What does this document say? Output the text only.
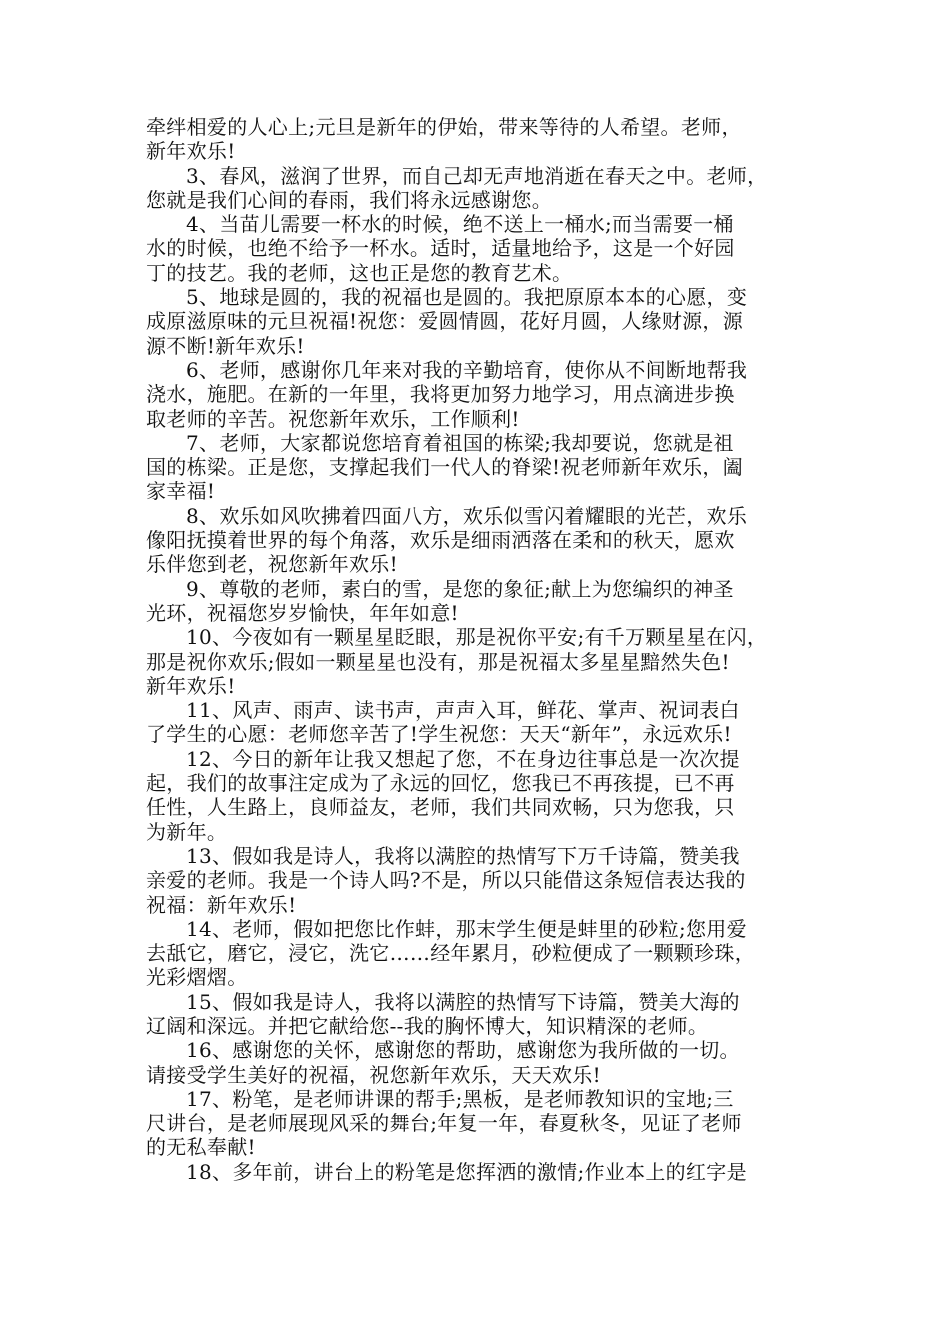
牵绊相爱的人心上;元旦是新年的伊始，带来等待的人希望。老师，
新年欢乐!
3、春风，滋润了世界，而自己却无声地消逝在春天之中。老师，
您就是我们心间的春雨，我们将永远感谢您。
4、当苗儿需要一杯水的时候，绝不送上一桶水;而当需要一桶
水的时候，也绝不给予一杯水。适时，适量地给予，这是一个好园
丁的技艺。我的老师，这也正是您的教育艺术。
5、地球是圆的，我的祝福也是圆的。我把原原本本的心愿，变
成原滋原味的元旦祝福!祝您：爱圆情圆，花好月圆，人缘财源，源
源不断!新年欢乐!
6、老师，感谢你几年来对我的辛勤培育，使你从不间断地帮我
浇水，施肥。在新的一年里，我将更加努力地学习，用点滴进步换
取老师的辛苦。祝您新年欢乐，工作顺利!
7、老师，大家都说您培育着祖国的栋梁;我却要说，您就是祖
国的栋梁。正是您，支撑起我们一代人的脊梁!祝老师新年欢乐，阖
家幸福!
8、欢乐如风吹拂着四面八方，欢乐似雪闪着耀眼的光芒，欢乐
像阳抚摸着世界的每个角落，欢乐是细雨洒落在柔和的秋天，愿欢
乐伴您到老，祝您新年欢乐!
9、尊敬的老师，素白的雪，是您的象征;献上为您编织的神圣
光环，祝福您岁岁愉快，年年如意!
10、今夜如有一颗星星眨眼，那是祝你平安;有千万颗星星在闪，
那是祝你欢乐;假如一颗星星也没有，那是祝福太多星星黯然失色!
新年欢乐!
11、风声、雨声、读书声，声声入耳，鲜花、掌声、祝词表白
了学生的心愿：老师您辛苦了!学生祝您：天天“新年”，永远欢乐!
12、今日的新年让我又想起了您，不在身边往事总是一次次提
起，我们的故事注定成为了永远的回忆，您我已不再孩提，已不再
任性，人生路上，良师益友，老师，我们共同欢畅，只为您我，只
为新年。
13、假如我是诗人，我将以满腔的热情写下万千诗篇，赞美我
亲爱的老师。我是一个诗人吗?不是，所以只能借这条短信表达我的
祝福：新年欢乐!
14、老师，假如把您比作蚌，那末学生便是蚌里的砂粒;您用爱
去舐它，磨它，浸它，洗它……经年累月，砂粒便成了一颗颗珍珠，
光彩熠熠。
15、假如我是诗人，我将以满腔的热情写下诗篇，赞美大海的
辽阔和深远。并把它献给您--我的胸怀博大，知识精深的老师。
16、感谢您的关怀，感谢您的帮助，感谢您为我所做的一切。
请接受学生美好的祝福，祝您新年欢乐，天天欢乐!
17、粉笔，是老师讲课的帮手;黑板，是老师教知识的宝地;三
尺讲台，是老师展现风采的舞台;年复一年，春夏秋冬，见证了老师
的无私奉献!
18、多年前，讲台上的粉笔是您挥洒的激情;作业本上的红字是
